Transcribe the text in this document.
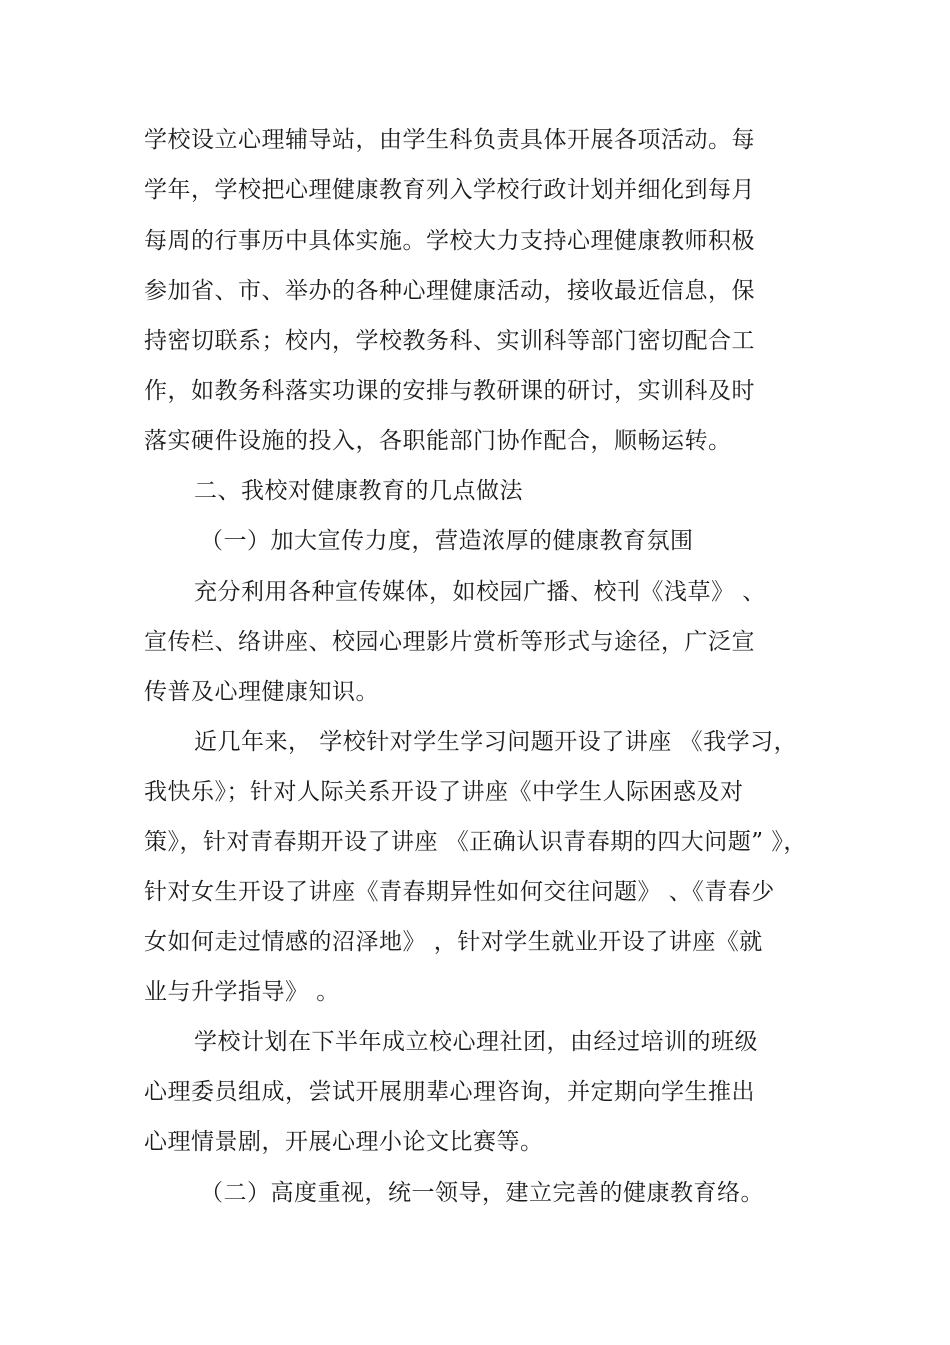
学校设立心理辅导站，由学生科负责具体开展各项活动。每
学年，学校把心理健康教育列入学校行政计划并细化到每月
每周的行事历中具体实施。学校大力支持心理健康教师积极
参加省、市、举办的各种心理健康活动，接收最近信息，保
持密切联系；校内，学校教务科、实训科等部门密切配合工
作，如教务科落实功课的安排与教研课的研讨，实训科及时
落实硬件设施的投入，各职能部门协作配合，顺畅运转。
二、我校对健康教育的几点做法
（一）加大宣传力度，营造浓厚的健康教育氛围
充分利用各种宣传媒体，如校园广播、校刊《浅草》 、
宣传栏、络讲座、校园心理影片赏析等形式与途径，广泛宣
传普及心理健康知识。
近几年来， 学校针对学生学习问题开设了讲座 《我学习，
我快乐》；针对人际关系开设了讲座《中学生人际困惑及对
策》，针对青春期开设了讲座 《正确认识青春期的四大问题” 》，
针对女生开设了讲座《青春期异性如何交往问题》 、《青春少
女如何走过情感的沼泽地》 ，针对学生就业开设了讲座《就
业与升学指导》 。
学校计划在下半年成立校心理社团，由经过培训的班级
心理委员组成，尝试开展朋辈心理咨询，并定期向学生推出
心理情景剧，开展心理小论文比赛等。
（二）高度重视，统一领导，建立完善的健康教育络。
